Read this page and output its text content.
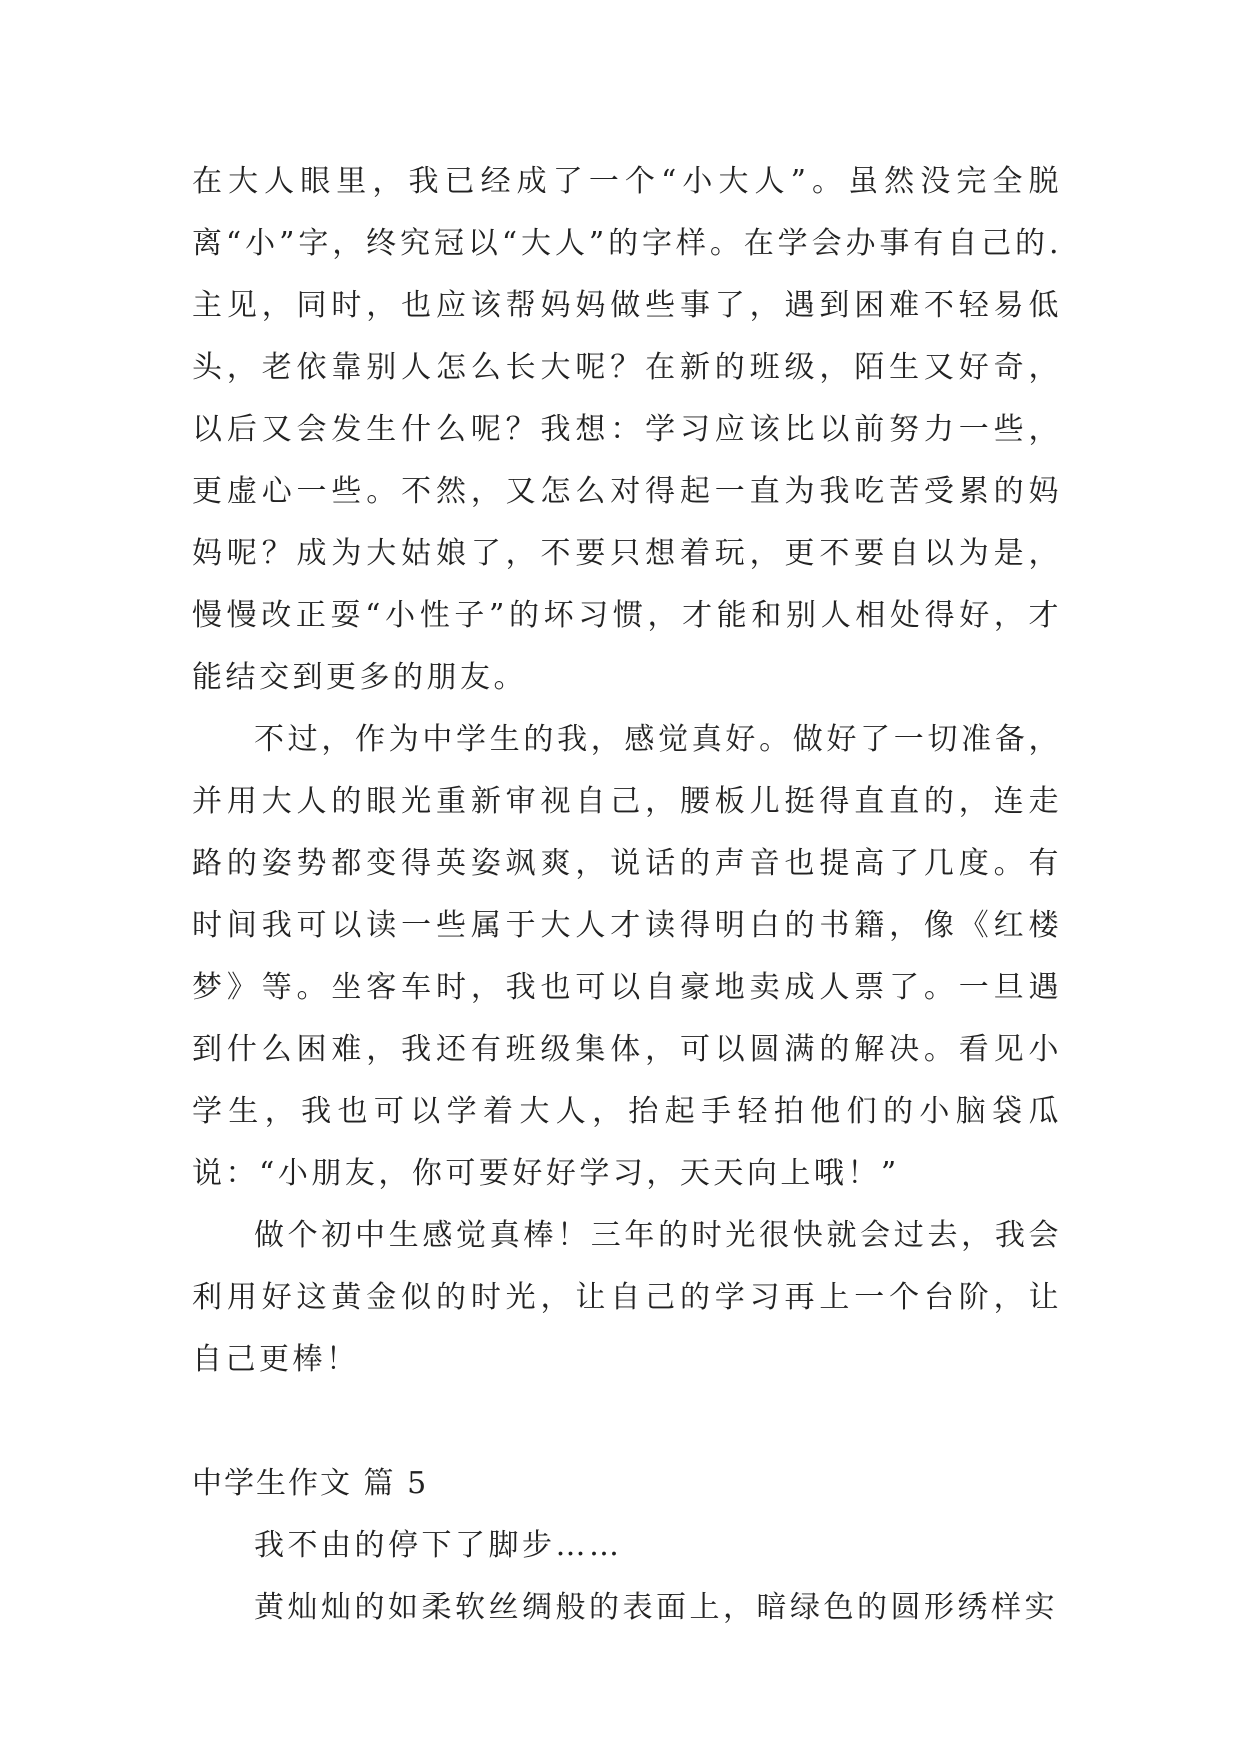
在大人眼里，我已经成了一个“小大人”。虽然没完全脱离“小”字，终究冠以“大人”的字样。在学会办事有自己的.主见，同时，也应该帮妈妈做些事了，遇到困难不轻易低头，老依靠别人怎么长大呢？在新的班级，陌生又好奇，以后又会发生什么呢？我想：学习应该比以前努力一些，更虚心一些。不然，又怎么对得起一直为我吃苦受累的妈妈呢？成为大姑娘了，不要只想着玩，更不要自以为是，慢慢改正耍“小性子”的坏习惯，才能和别人相处得好，才能结交到更多的朋友。

不过，作为中学生的我，感觉真好。做好了一切准备，并用大人的眼光重新审视自己，腰板儿挺得直直的，连走路的姿势都变得英姿飒爽，说话的声音也提高了几度。有时间我可以读一些属于大人才读得明白的书籍，像《红楼梦》等。坐客车时，我也可以自豪地卖成人票了。一旦遇到什么困难，我还有班级集体，可以圆满的解决。看见小学生，我也可以学着大人，抬起手轻拍他们的小脑袋瓜说：“小朋友，你可要好好学习，天天向上哦！”

做个初中生感觉真棒！三年的时光很快就会过去，我会利用好这黄金似的时光，让自己的学习再上一个台阶，让自己更棒！

中学生作文 篇 5

我不由的停下了脚步……

黄灿灿的如柔软丝绸般的表面上，暗绿色的圆形绣样实
